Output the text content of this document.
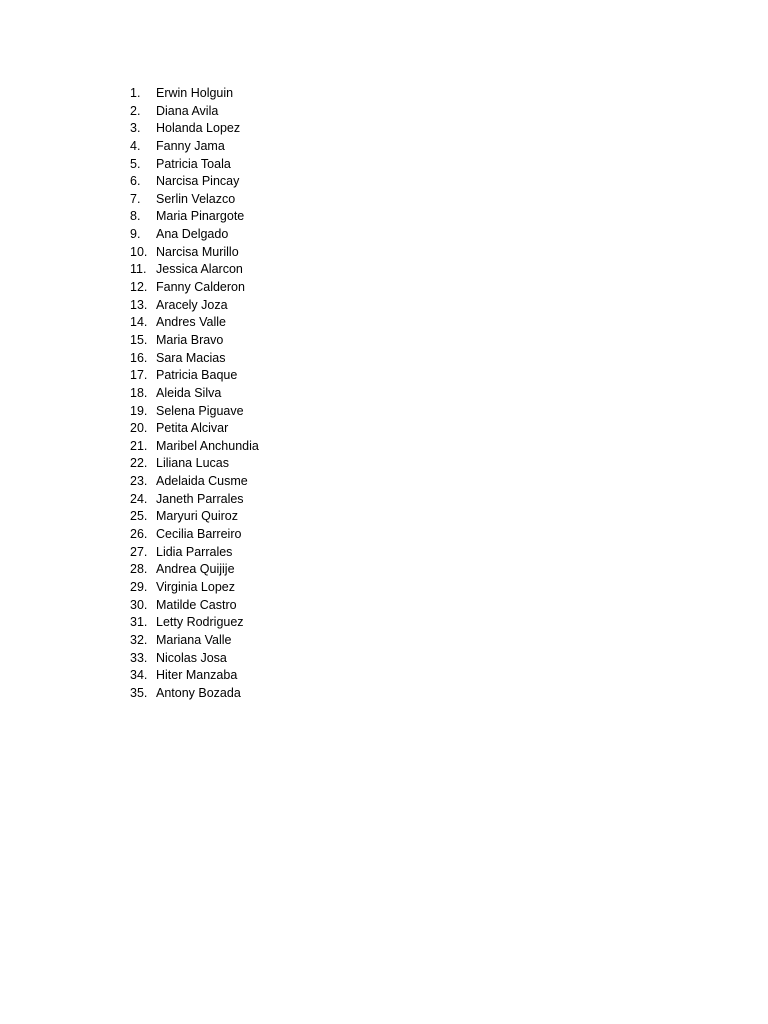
1.	Erwin Holguin
2.	Diana Avila
3.	Holanda Lopez
4.	Fanny Jama
5.	Patricia Toala
6.	Narcisa Pincay
7.	Serlin Velazco
8.	Maria Pinargote
9.	Ana Delgado
10. Narcisa Murillo
11. Jessica Alarcon
12. Fanny Calderon
13. Aracely Joza
14. Andres Valle
15. Maria Bravo
16. Sara Macias
17. Patricia Baque
18. Aleida Silva
19. Selena Piguave
20. Petita Alcivar
21. Maribel Anchundia
22. Liliana Lucas
23. Adelaida Cusme
24. Janeth Parrales
25. Maryuri Quiroz
26. Cecilia Barreiro
27. Lidia Parrales
28. Andrea Quijije
29. Virginia Lopez
30. Matilde Castro
31. Letty Rodriguez
32. Mariana Valle
33. Nicolas Josa
34. Hiter Manzaba
35. Antony Bozada
